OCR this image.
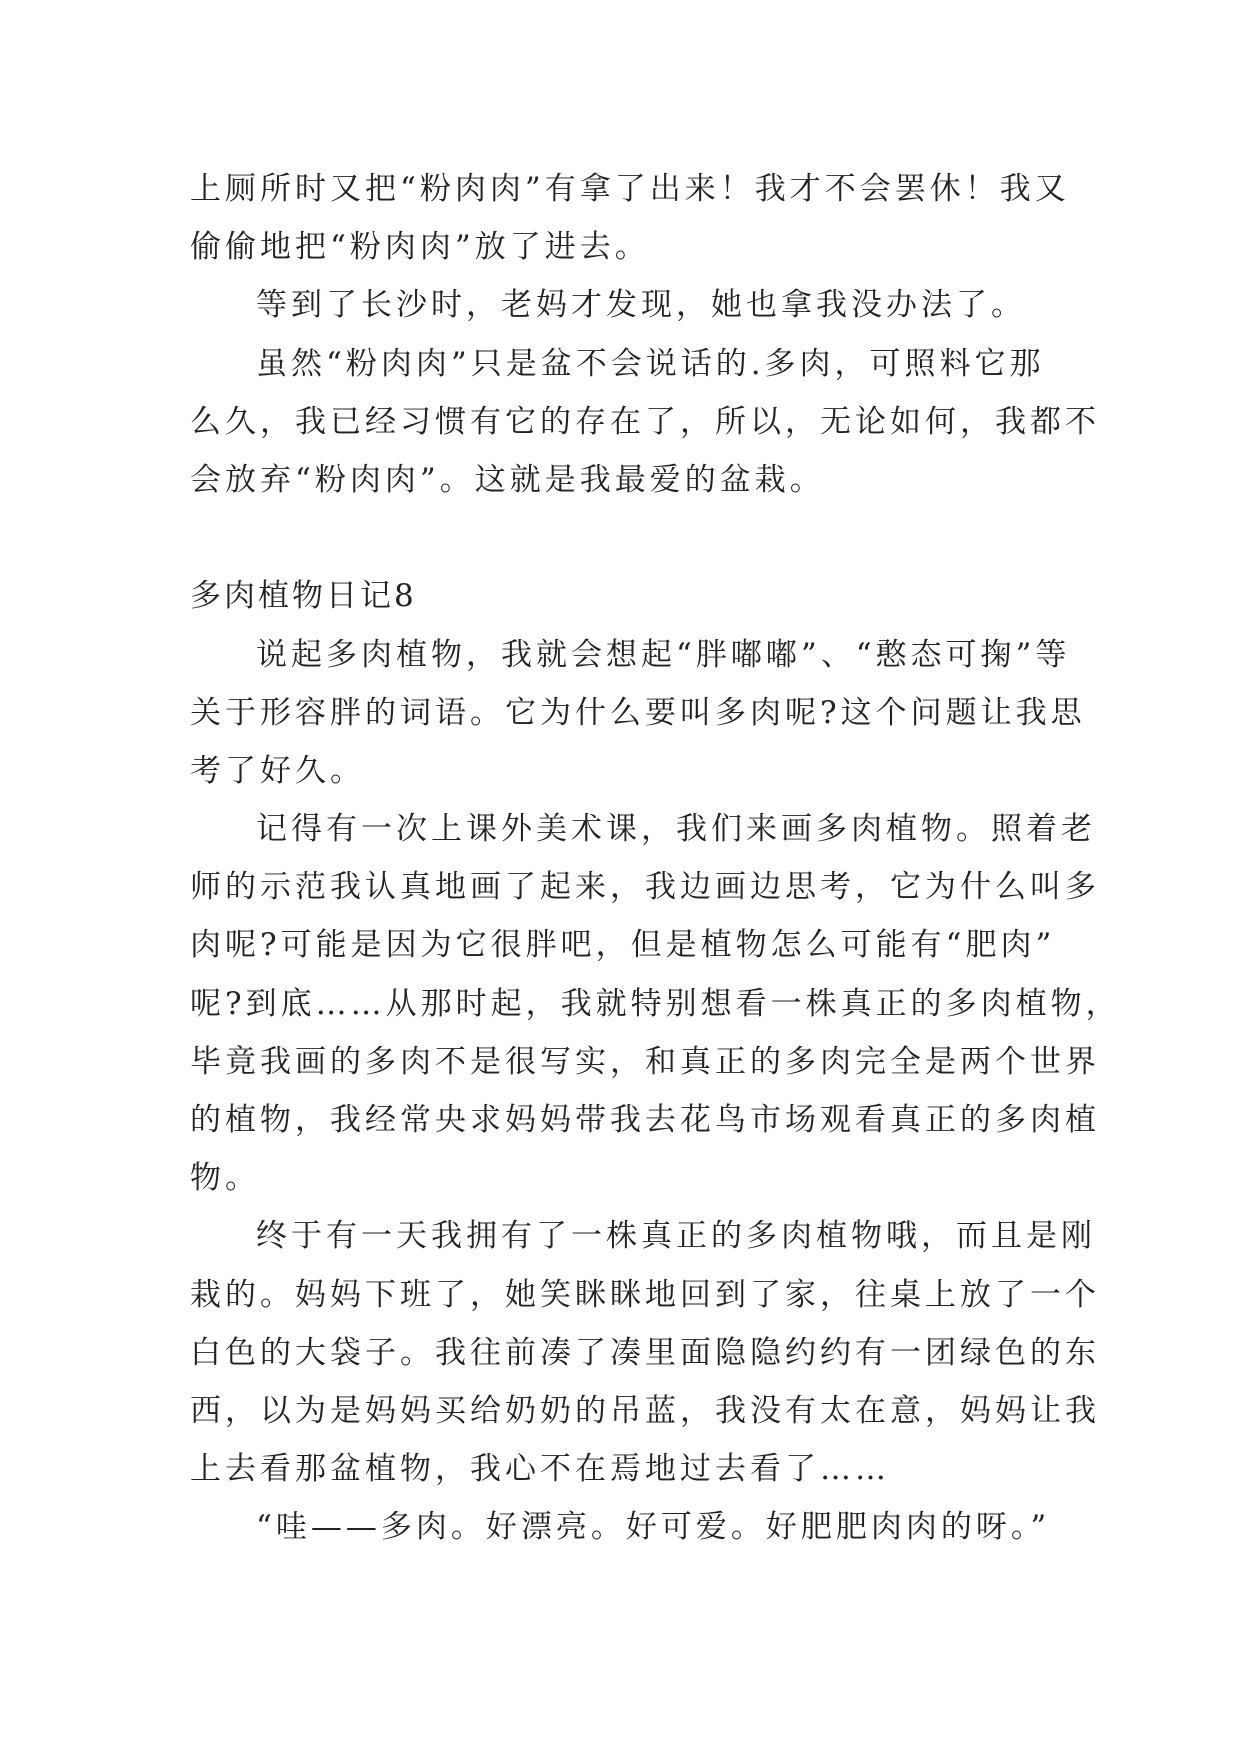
上厕所时又把“粉肉肉”有拿了出来！我才不会罢休！我又
偷偷地把“粉肉肉”放了进去。
等到了长沙时，老妈才发现，她也拿我没办法了。
虽然“粉肉肉”只是盆不会说话的.多肉，可照料它那
么久，我已经习惯有它的存在了，所以，无论如何，我都不
会放弃“粉肉肉”。这就是我最爱的盆栽。
多肉植物日记8
说起多肉植物，我就会想起“胖嘟嘟”、“憨态可掬”等
关于形容胖的词语。它为什么要叫多肉呢?这个问题让我思
考了好久。
记得有一次上课外美术课，我们来画多肉植物。照着老
师的示范我认真地画了起来，我边画边思考，它为什么叫多
肉呢?可能是因为它很胖吧，但是植物怎么可能有“肥肉”
呢?到底……从那时起，我就特别想看一株真正的多肉植物，
毕竟我画的多肉不是很写实，和真正的多肉完全是两个世界
的植物，我经常央求妈妈带我去花鸟市场观看真正的多肉植
物。
终于有一天我拥有了一株真正的多肉植物哦，而且是刚
栽的。妈妈下班了，她笑眯眯地回到了家，往桌上放了一个
白色的大袋子。我往前凑了凑里面隐隐约约有一团绿色的东
西，以为是妈妈买给奶奶的吊蓝，我没有太在意，妈妈让我
上去看那盆植物，我心不在焉地过去看了……
“哇——多肉。好漂亮。好可爱。好肥肥肉肉的呀。”
